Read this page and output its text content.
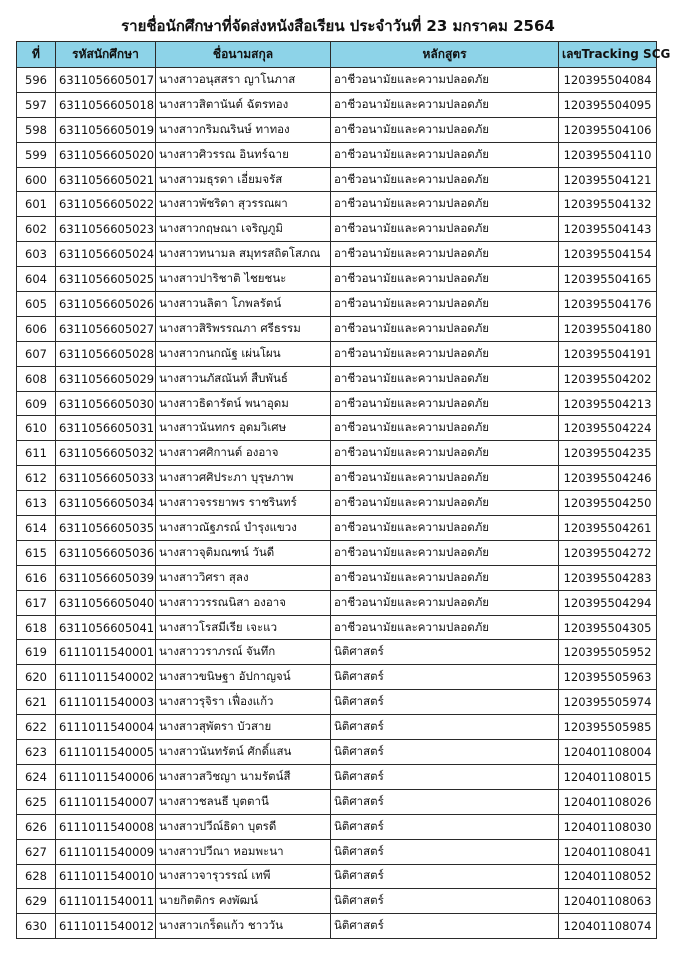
รายชื่อนักศึกษาที่จัดส่งหนังสือเรียน ประจำวันที่ 23 มกราคม 2564
ที่	รหัสนักศึกษา	ชื่อนามสกุล	หลักสูตร	เลขTracking SCG
596	6311056605017	นางสาวอนุสสรา ญาโนภาส	อาชีวอนามัยและความปลอดภัย	120395504084
597	6311056605018	นางสาวสิตานันต์ ฉัตรทอง	อาชีวอนามัยและความปลอดภัย	120395504095
598	6311056605019	นางสาวกริมณรินษ์ ทาทอง	อาชีวอนามัยและความปลอดภัย	120395504106
599	6311056605020	นางสาวศิวรรณ อินทร์ฉาย	อาชีวอนามัยและความปลอดภัย	120395504110
600	6311056605021	นางสาวมธุรดา เอี่ยมจรัส	อาชีวอนามัยและความปลอดภัย	120395504121
601	6311056605022	นางสาวพัชริดา สุวรรณผา	อาชีวอนามัยและความปลอดภัย	120395504132
602	6311056605023	นางสาวกฤษณา เจริญภูมิ	อาชีวอนามัยและความปลอดภัย	120395504143
603	6311056605024	นางสาวทนามล สมุทรสถิตโสภณ	อาชีวอนามัยและความปลอดภัย	120395504154
604	6311056605025	นางสาวปาริชาติ ไชยชนะ	อาชีวอนามัยและความปลอดภัย	120395504165
605	6311056605026	นางสาวนลิตา โภพลรัตน์	อาชีวอนามัยและความปลอดภัย	120395504176
606	6311056605027	นางสาวสิริพรรณภา ศรีธรรม	อาชีวอนามัยและความปลอดภัย	120395504180
607	6311056605028	นางสาวกนกณัฐ เผ่นโผน	อาชีวอนามัยและความปลอดภัย	120395504191
608	6311056605029	นางสาวนภัสณันท์ สืบพันธ์	อาชีวอนามัยและความปลอดภัย	120395504202
609	6311056605030	นางสาวธิดารัตน์ พนาอุดม	อาชีวอนามัยและความปลอดภัย	120395504213
610	6311056605031	นางสาวนันทกร อุดมวิเศษ	อาชีวอนามัยและความปลอดภัย	120395504224
611	6311056605032	นางสาวศศิกานต์ องอาจ	อาชีวอนามัยและความปลอดภัย	120395504235
612	6311056605033	นางสาวศศิประภา บุรุษภาพ	อาชีวอนามัยและความปลอดภัย	120395504246
613	6311056605034	นางสาวจรรยาพร ราชรินทร์	อาชีวอนามัยและความปลอดภัย	120395504250
614	6311056605035	นางสาวณัฐภรณ์ บำรุงแขวง	อาชีวอนามัยและความปลอดภัย	120395504261
615	6311056605036	นางสาวจุติมณฑน์ วันดี	อาชีวอนามัยและความปลอดภัย	120395504272
616	6311056605039	นางสาววิศรา สุลง	อาชีวอนามัยและความปลอดภัย	120395504283
617	6311056605040	นางสาววรรณนิสา องอาจ	อาชีวอนามัยและความปลอดภัย	120395504294
618	6311056605041	นางสาวโรสมีเรีย เจะแว	อาชีวอนามัยและความปลอดภัย	120395504305
619	6111011540001	นางสาววราภรณ์ จันทึก	นิติศาสตร์	120395505952
620	6111011540002	นางสาวขนิษฐา อัปกาญจน์	นิติศาสตร์	120395505963
621	6111011540003	นางสาวรุจิรา เฟื่องแก้ว	นิติศาสตร์	120395505974
622	6111011540004	นางสาวสุพัตรา บัวสาย	นิติศาสตร์	120395505985
623	6111011540005	นางสาวนันทรัตน์ ศักดิ์แสน	นิติศาสตร์	120401108004
624	6111011540006	นางสาวสวิชญา นามรัตน์สี	นิติศาสตร์	120401108015
625	6111011540007	นางสาวชลนธี บุตตานี	นิติศาสตร์	120401108026
626	6111011540008	นางสาวปวีณ์ธิดา บุตรดี	นิติศาสตร์	120401108030
627	6111011540009	นางสาวปวีณา หอมพะนา	นิติศาสตร์	120401108041
628	6111011540010	นางสาวจารุวรรณ์ เทพี	นิติศาสตร์	120401108052
629	6111011540011	นายกิตติกร คงพัฒน์	นิติศาสตร์	120401108063
630	6111011540012	นางสาวเกร็ดแก้ว ชาววัน	นิติศาสตร์	120401108074
